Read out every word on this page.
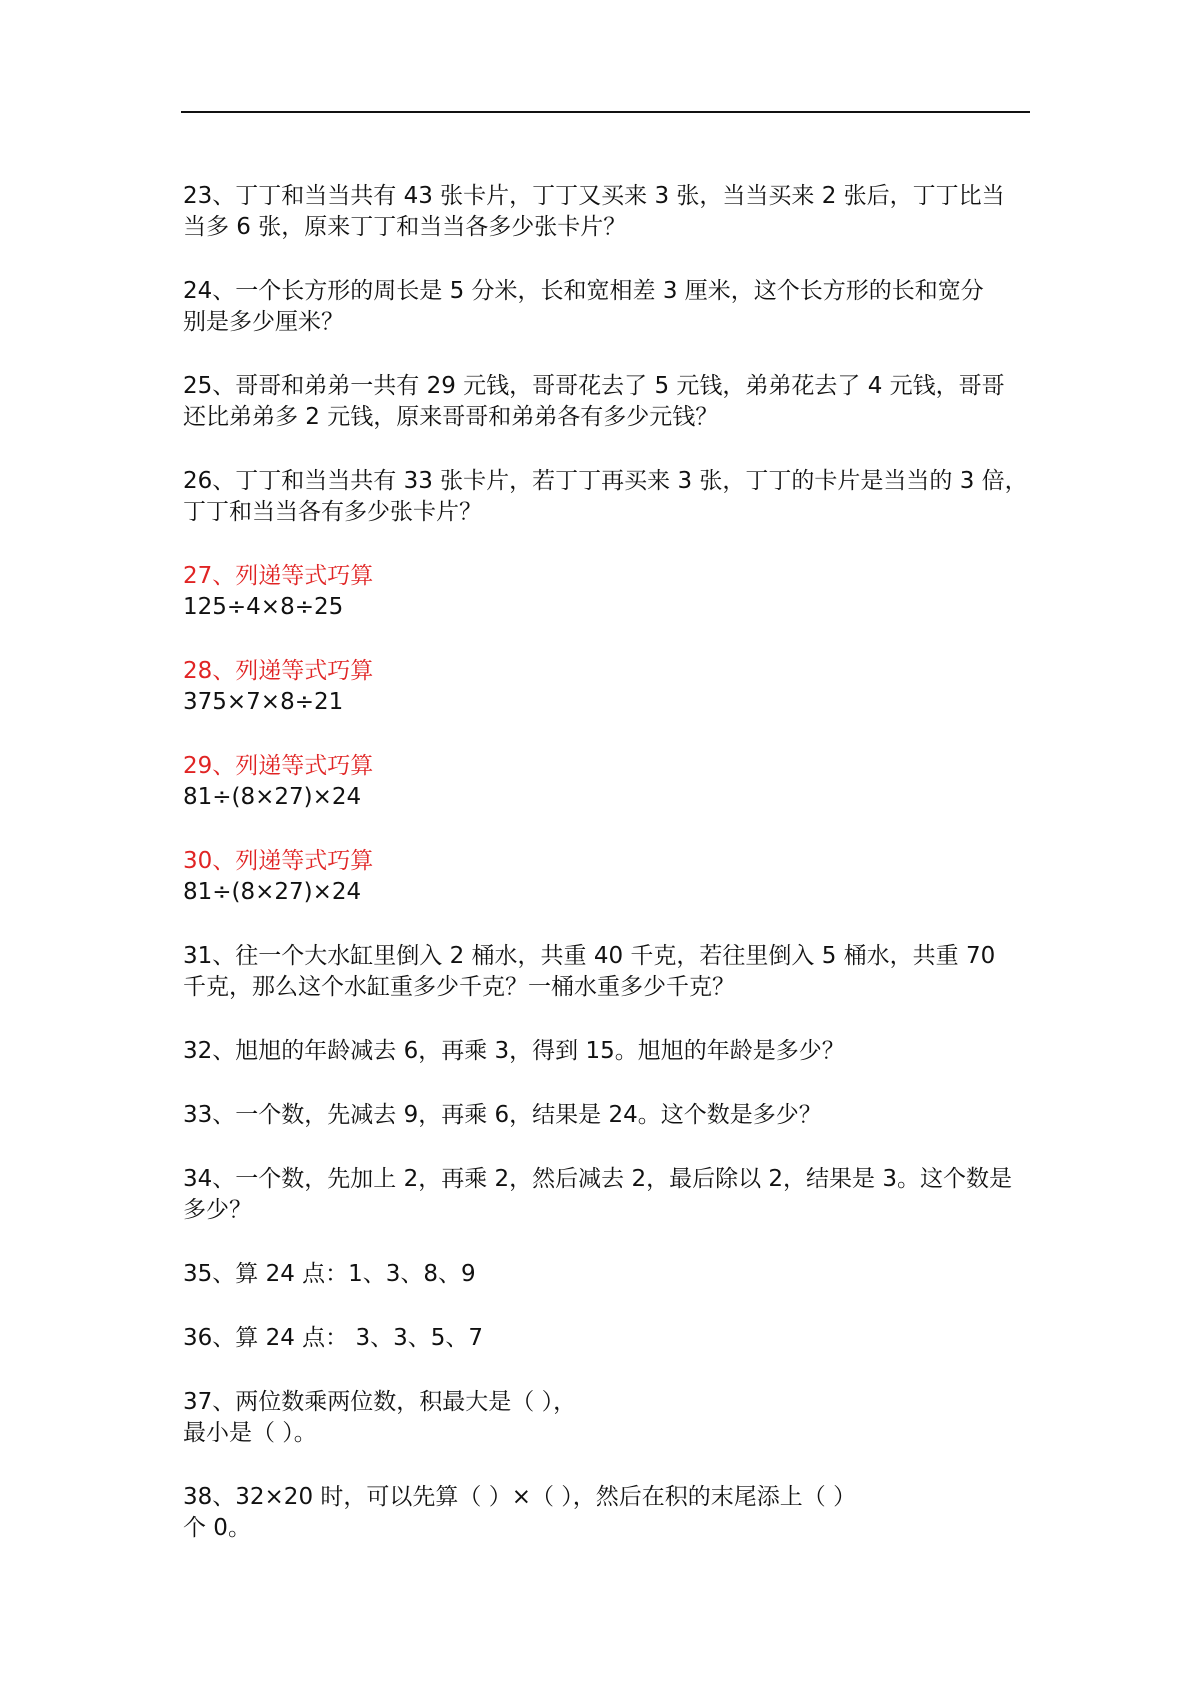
23、丁丁和当当共有 43 张卡片，丁丁又买来 3 张，当当买来 2 张后，丁丁比当
当多 6 张，原来丁丁和当当各多少张卡片？
24、一个长方形的周长是 5 分米，长和宽相差 3 厘米，这个长方形的长和宽分
别是多少厘米？
25、哥哥和弟弟一共有 29 元钱，哥哥花去了 5 元钱，弟弟花去了 4 元钱，哥哥
还比弟弟多 2 元钱，原来哥哥和弟弟各有多少元钱？
26、丁丁和当当共有 33 张卡片，若丁丁再买来 3 张，丁丁的卡片是当当的 3 倍，
丁丁和当当各有多少张卡片？
27、列递等式巧算
125÷4×8÷25
28、列递等式巧算
375×7×8÷21
29、列递等式巧算
81÷(8×27)×24
30、列递等式巧算
81÷(8×27)×24
31、往一个大水缸里倒入 2 桶水，共重 40 千克，若往里倒入 5 桶水，共重 70
千克，那么这个水缸重多少千克？一桶水重多少千克？
32、旭旭的年龄减去 6，再乘 3，得到 15。旭旭的年龄是多少？
33、一个数，先减去 9，再乘 6，结果是 24。这个数是多少？
34、一个数，先加上 2，再乘 2，然后减去 2，最后除以 2，结果是 3。这个数是
多少？
35、算 24 点：1、3、8、9
36、算 24 点： 3、3、5、7
37、两位数乘两位数，积最大是（ ），
最小是（ ）。
38、32×20 时，可以先算（ ）×（ ），然后在积的末尾添上（ ）
个 0。
